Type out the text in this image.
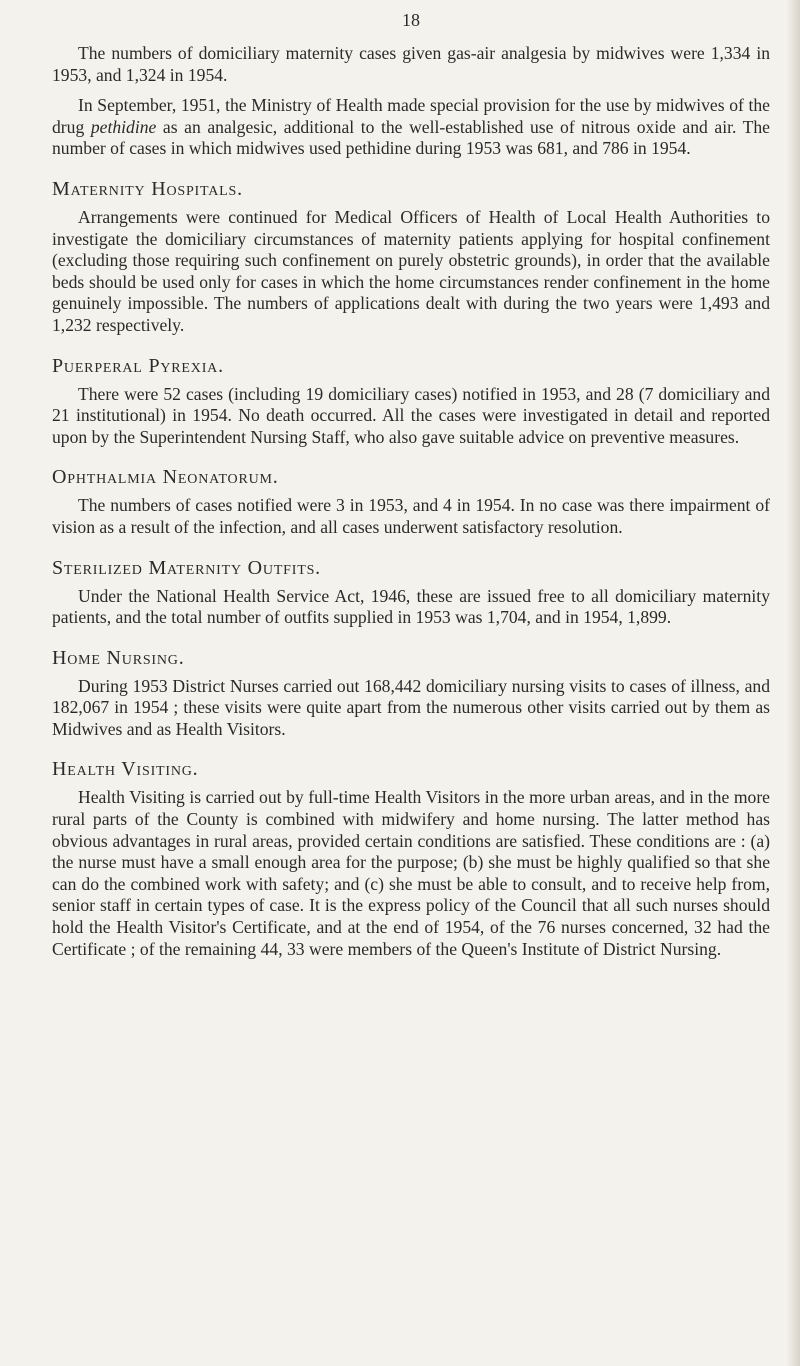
18

The numbers of domiciliary maternity cases given gas-air analgesia by midwives were 1,334 in 1953, and 1,324 in 1954.

In September, 1951, the Ministry of Health made special provision for the use by midwives of the drug pethidine as an analgesic, additional to the well-established use of nitrous oxide and air. The number of cases in which midwives used pethidine during 1953 was 681, and 786 in 1954.

Maternity Hospitals.

Arrangements were continued for Medical Officers of Health of Local Health Authorities to investigate the domiciliary circumstances of maternity patients applying for hospital confinement (excluding those requiring such confinement on purely obstetric grounds), in order that the available beds should be used only for cases in which the home circumstances render confinement in the home genuinely impossible. The numbers of applications dealt with during the two years were 1,493 and 1,232 respectively.

Puerperal Pyrexia.

There were 52 cases (including 19 domiciliary cases) notified in 1953, and 28 (7 domiciliary and 21 institutional) in 1954. No death occurred. All the cases were investigated in detail and reported upon by the Superintendent Nursing Staff, who also gave suitable advice on preventive measures.

Ophthalmia Neonatorum.

The numbers of cases notified were 3 in 1953, and 4 in 1954. In no case was there impairment of vision as a result of the infection, and all cases underwent satisfactory resolution.

Sterilized Maternity Outfits.

Under the National Health Service Act, 1946, these are issued free to all domiciliary maternity patients, and the total number of outfits supplied in 1953 was 1,704, and in 1954, 1,899.

Home Nursing.

During 1953 District Nurses carried out 168,442 domiciliary nursing visits to cases of illness, and 182,067 in 1954 ; these visits were quite apart from the numerous other visits carried out by them as Midwives and as Health Visitors.

Health Visiting.

Health Visiting is carried out by full-time Health Visitors in the more urban areas, and in the more rural parts of the County is combined with midwifery and home nursing. The latter method has obvious advantages in rural areas, provided certain conditions are satisfied. These conditions are : (a) the nurse must have a small enough area for the purpose; (b) she must be highly qualified so that she can do the combined work with safety; and (c) she must be able to consult, and to receive help from, senior staff in certain types of case. It is the express policy of the Council that all such nurses should hold the Health Visitor's Certificate, and at the end of 1954, of the 76 nurses concerned, 32 had the Certificate ; of the remaining 44, 33 were members of the Queen's Institute of District Nursing.
